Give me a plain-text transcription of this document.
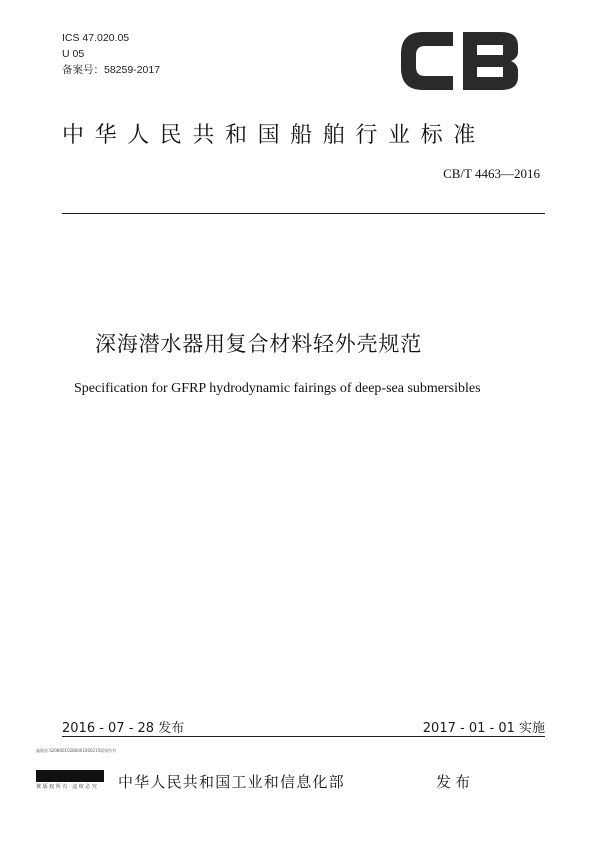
ICS 47.020.05
U 05
备案号：58259-2017
中华人民共和国船舶行业标准
CB/T 4463—2016
深海潜水器用复合材料轻外壳规范
Specification for GFRP hydrodynamic fairings of deep-sea submersibles
2016 - 07 - 28 发布	2017 - 01 - 01 实施
鑫版权 S2080010280001000215版权所有
翼 版 权 所 有 · 违 权 必 究 中华人民共和国工业和信息化部	发布
